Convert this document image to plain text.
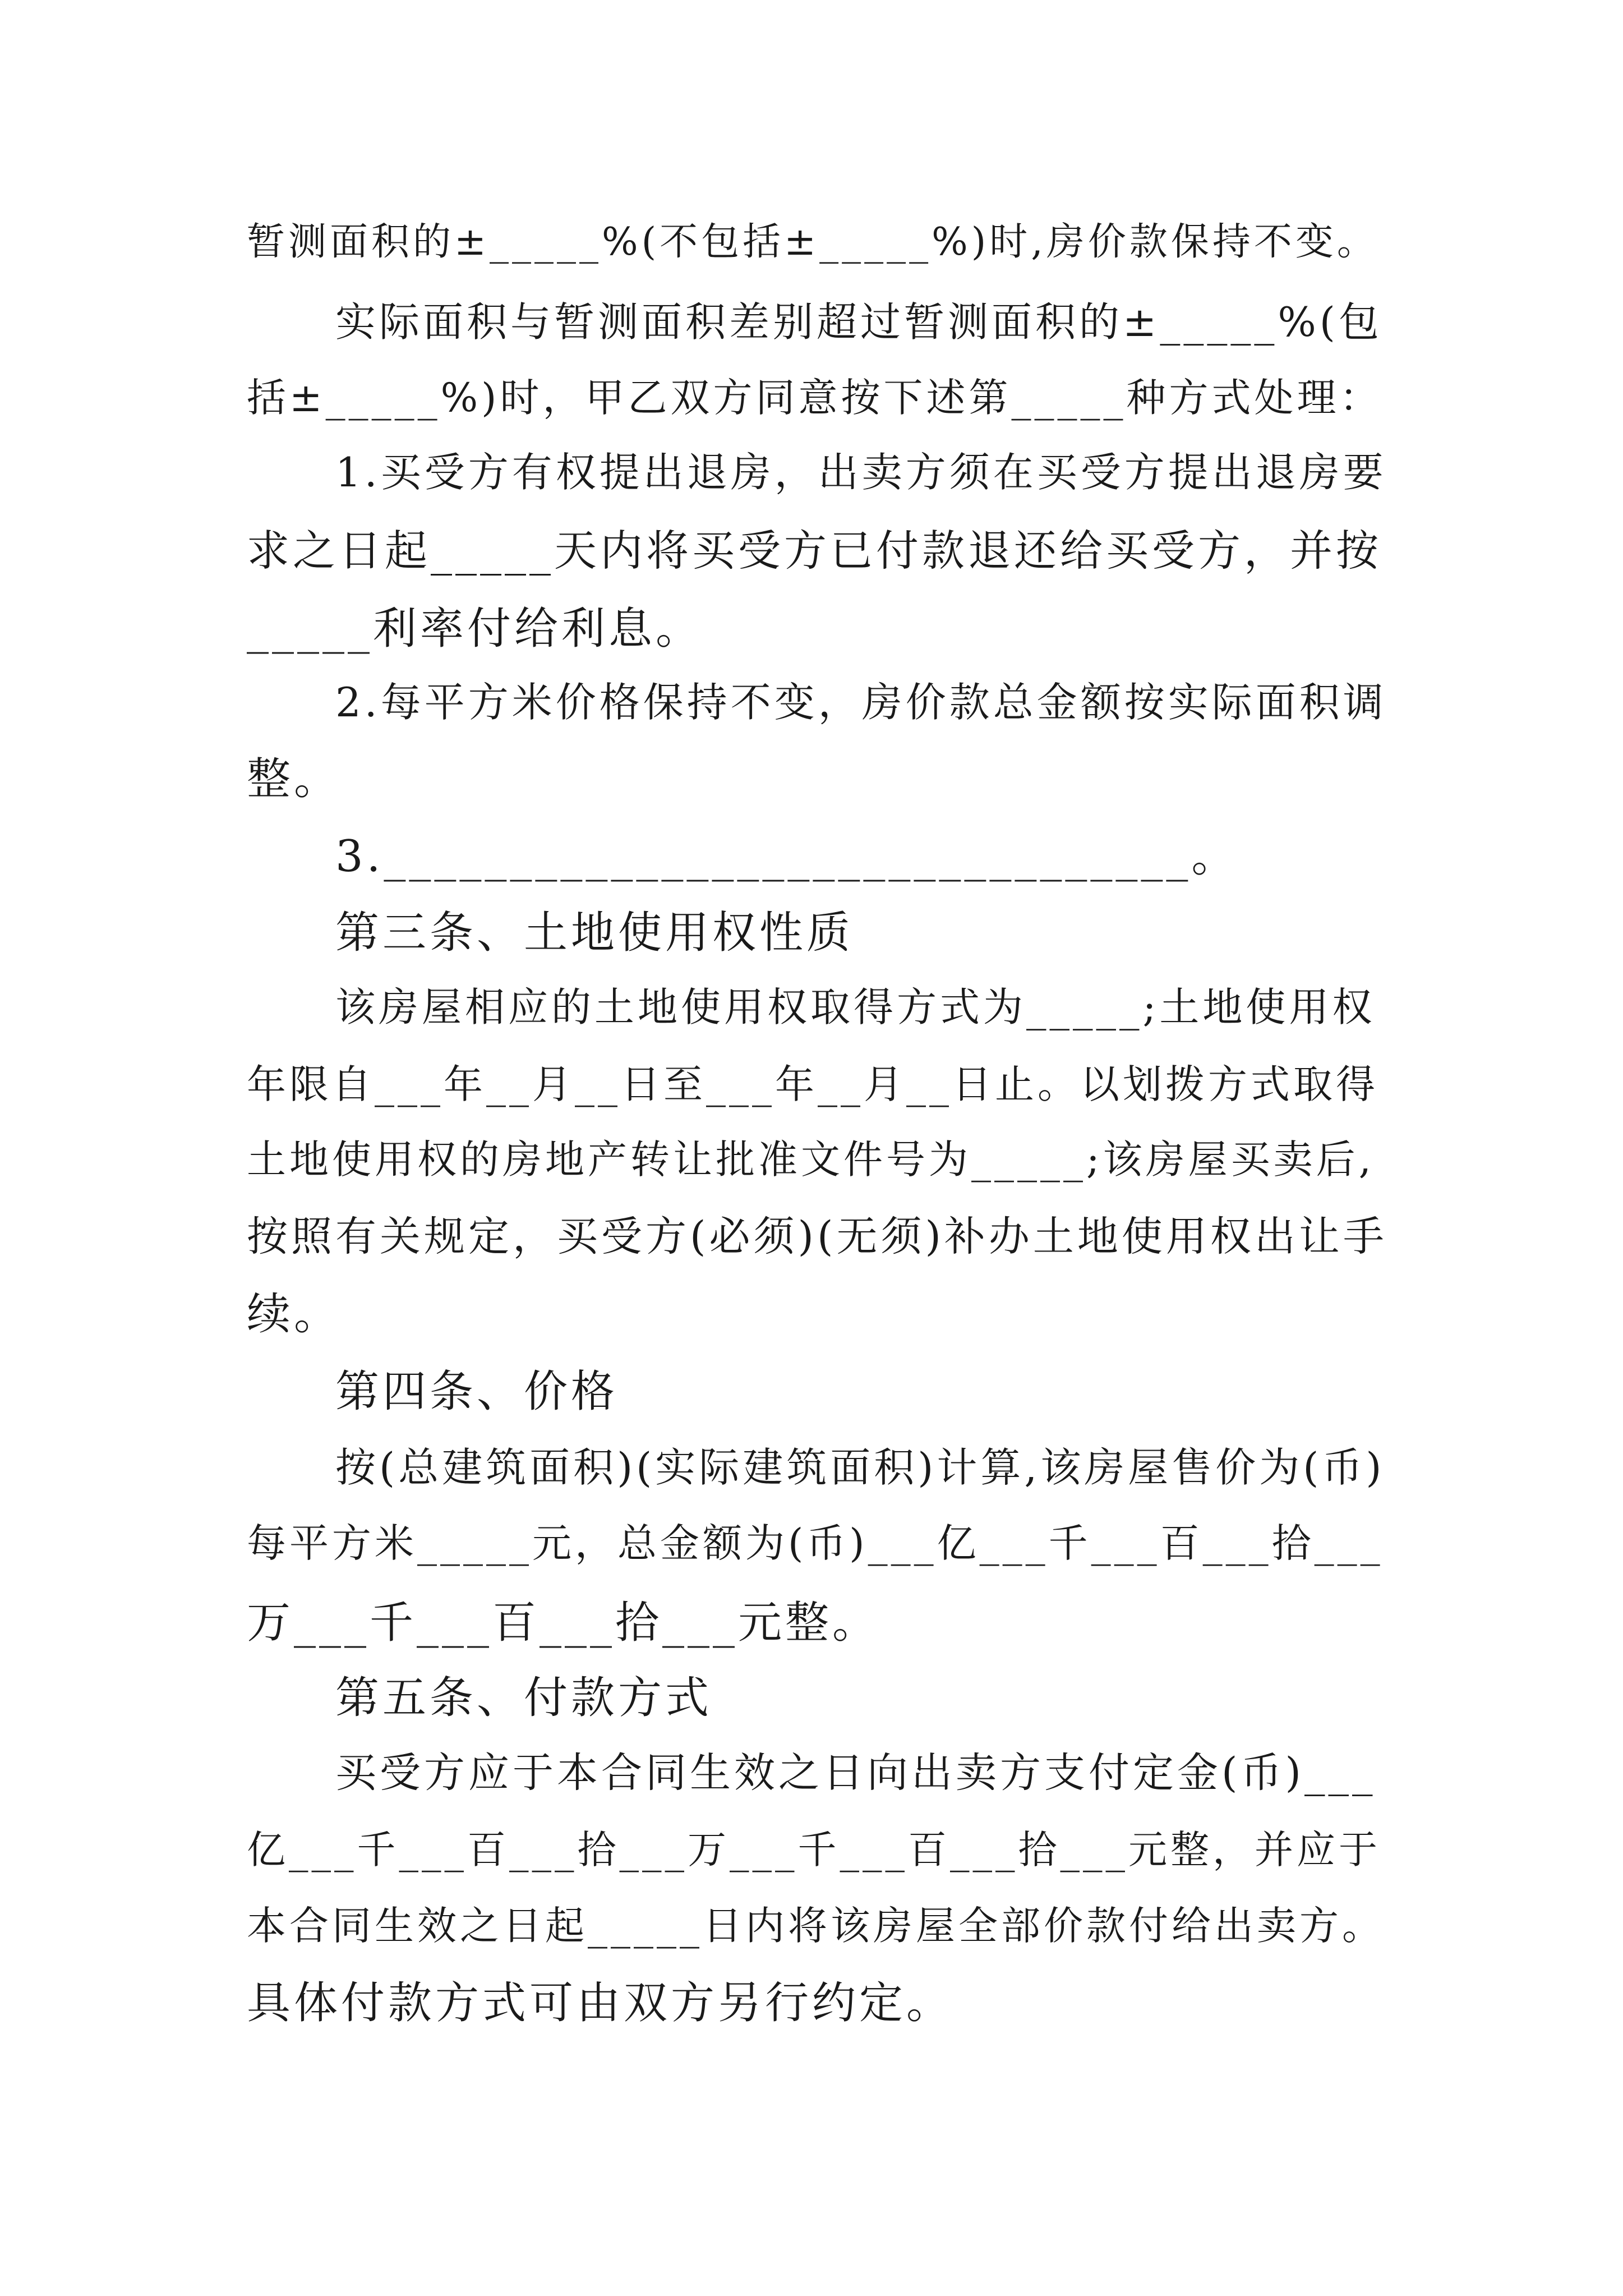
暂测面积的±_____%(不包括±_____%)时,房价款保持不变。
实际面积与暂测面积差别超过暂测面积的±_____%(包
括±_____%)时，甲乙双方同意按下述第_____种方式处理：
1.买受方有权提出退房，出卖方须在买受方提出退房要
求之日起_____天内将买受方已付款退还给买受方，并按
_____利率付给利息。
2.每平方米价格保持不变，房价款总金额按实际面积调
整。
3.________________________________。
第三条、土地使用权性质
该房屋相应的土地使用权取得方式为_____;土地使用权
年限自___年__月__日至___年__月__日止。以划拨方式取得
土地使用权的房地产转让批准文件号为_____;该房屋买卖后,
按照有关规定，买受方(必须)(无须)补办土地使用权出让手
续。
第四条、价格
按(总建筑面积)(实际建筑面积)计算,该房屋售价为(币)
每平方米_____元，总金额为(币)___亿___千___百___拾___
万___千___百___拾___元整。
第五条、付款方式
买受方应于本合同生效之日向出卖方支付定金(币)___
亿___千___百___拾___万___千___百___拾___元整，并应于
本合同生效之日起_____日内将该房屋全部价款付给出卖方。
具体付款方式可由双方另行约定。
